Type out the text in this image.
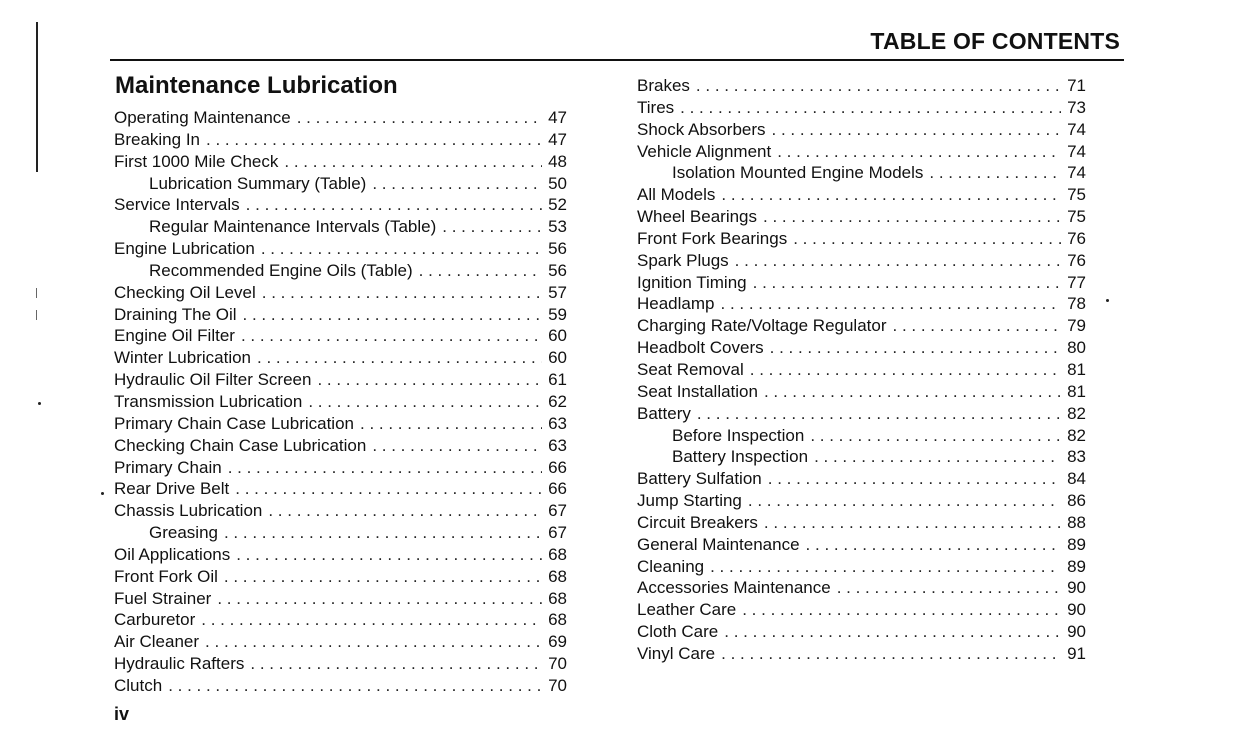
TABLE OF CONTENTS
Maintenance Lubrication
Operating Maintenance . . .	47
Breaking In . . .	47
First 1000 Mile Check . . .	48
Lubrication Summary (Table) . . .	50
Service Intervals . . .	52
Regular Maintenance Intervals (Table) . . .	53
Engine Lubrication . . .	56
Recommended Engine Oils (Table) . . .	56
Checking Oil Level . . .	57
Draining The Oil . . .	59
Engine Oil Filter . . .	60
Winter Lubrication . . .	60
Hydraulic Oil Filter Screen . . .	61
Transmission Lubrication . . .	62
Primary Chain Case Lubrication . . .	63
Checking Chain Case Lubrication . . .	63
Primary Chain . . .	66
Rear Drive Belt . . .	66
Chassis Lubrication . . .	67
Greasing . . .	67
Oil Applications . . .	68
Front Fork Oil . . .	68
Fuel Strainer . . .	68
Carburetor . . .	68
Air Cleaner . . .	69
Hydraulic Rafters . . .	70
Clutch . . .	70
Brakes . . .	71
Tires . . .	73
Shock Absorbers . . .	74
Vehicle Alignment . . .	74
Isolation Mounted Engine Models . . .	74
All Models . . .	75
Wheel Bearings . . .	75
Front Fork Bearings . . .	76
Spark Plugs . . .	76
Ignition Timing . . .	77
Headlamp . . .	78
Charging Rate/Voltage Regulator . . .	79
Headbolt Covers . . .	80
Seat Removal . . .	81
Seat Installation . . .	81
Battery . . .	82
Before Inspection . . .	82
Battery Inspection . . .	83
Battery Sulfation . . .	84
Jump Starting . . .	86
Circuit Breakers . . .	88
General Maintenance . . .	89
Cleaning . . .	89
Accessories Maintenance . . .	90
Leather Care . . .	90
Cloth Care . . .	90
Vinyl Care . . .	91
iv
